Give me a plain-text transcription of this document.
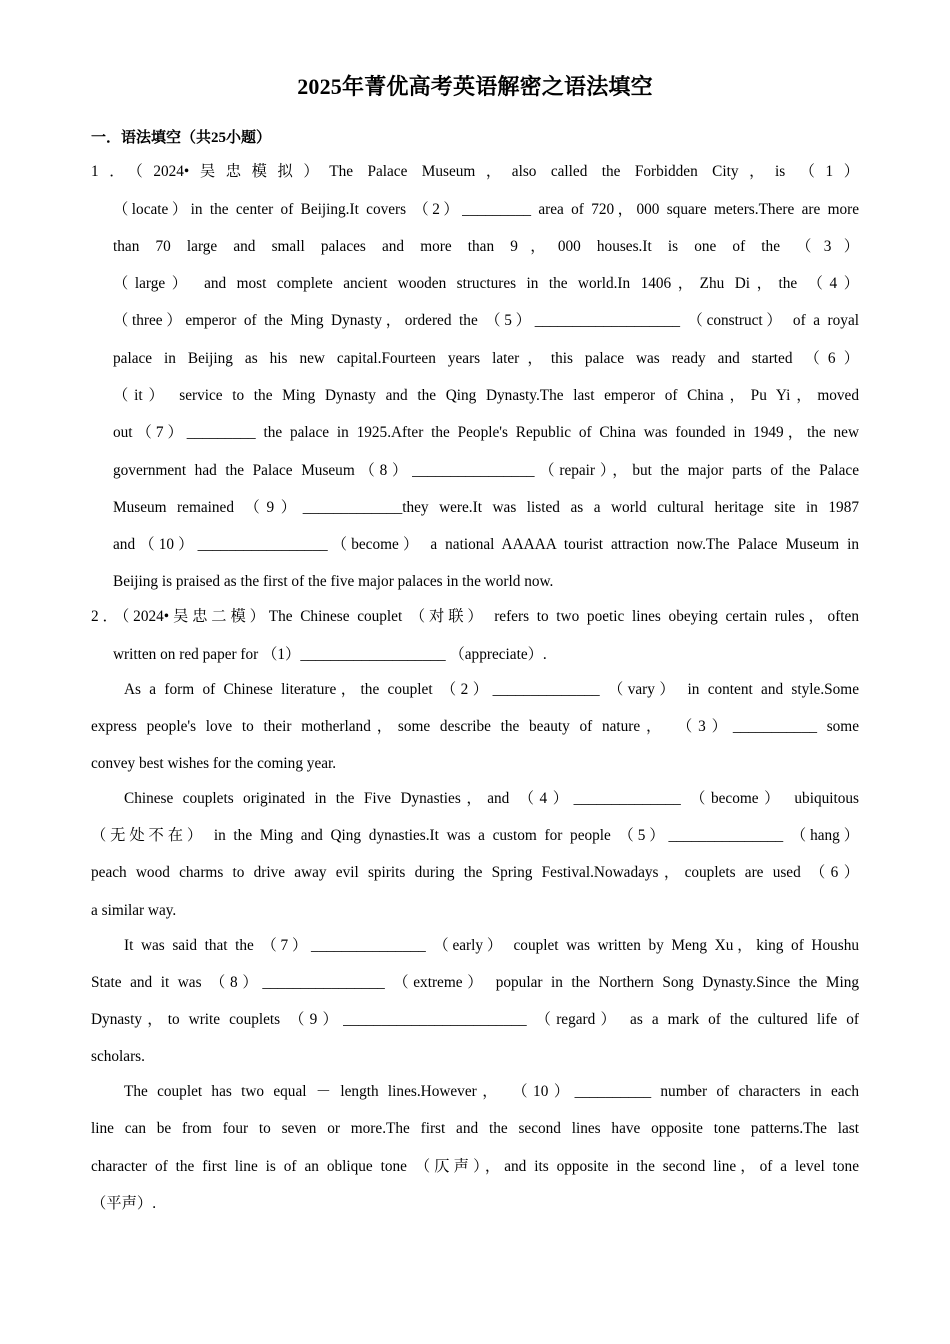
2025年菁优高考英语解密之语法填空
一．语法填空（共25小题）
1．（2024•吴忠模拟）The Palace Museum，also called the Forbidden City，is （1）
（locate）in the center of Beijing.It covers （2）_________ area of 720，000 square meters.There are more
than 70 large and small palaces and more than 9，000 houses.It is one of the （3）
（large） and most complete ancient wooden structures in the world.In 1406，Zhu Di，the （4）
（three）emperor of the Ming Dynasty，ordered the （5）___________________ （construct） of a royal
palace in Beijing as his new capital.Fourteen years later，this palace was ready and started （6）
（it） service to the Ming Dynasty and the Qing Dynasty.The last emperor of China，Pu Yi，moved
out（7）_________ the palace in 1925.After the People's Republic of China was founded in 1949，the new
government had the Palace Museum（8）________________（repair），but the major parts of the Palace
Museum remained （9）_____________they were.It was listed as a world cultural heritage site in 1987
and（10）_________________（become） a national AAAAA tourist attraction now.The Palace Museum in
Beijing is praised as the first of the five major palaces in the world now.
2．（2024•吴忠二模）The Chinese couplet （对联） refers to two poetic lines obeying certain rules，often
written on red paper for （1）___________________ （appreciate）.
As a form of Chinese literature，the couplet （2）______________ （vary） in content and style.Some
express people's love to their motherland，some describe the beauty of nature， （3）___________ some
convey best wishes for the coming year.
Chinese couplets originated in the Five Dynasties，and （4）______________ （become） ubiquitous
（无处不在） in the Ming and Qing dynasties.It was a custom for people （5）_______________ （hang）
peach wood charms to drive away evil spirits during the Spring Festival.Nowadays，couplets are used （6）
a similar way.
It was said that the （7）_______________ （early） couplet was written by Meng Xu，king of Houshu
State and it was （8）________________ （extreme） popular in the Northern Song Dynasty.Since the Ming
Dynasty，to write couplets （9）________________________ （regard） as a mark of the cultured life of
scholars.
The couplet has two equal － length lines.However， （10）__________ number of characters in each
line can be from four to seven or more.The first and the second lines have opposite tone patterns.The last
character of the first line is of an oblique tone （仄声），and its opposite in the second line，of a level tone
（平声）.
